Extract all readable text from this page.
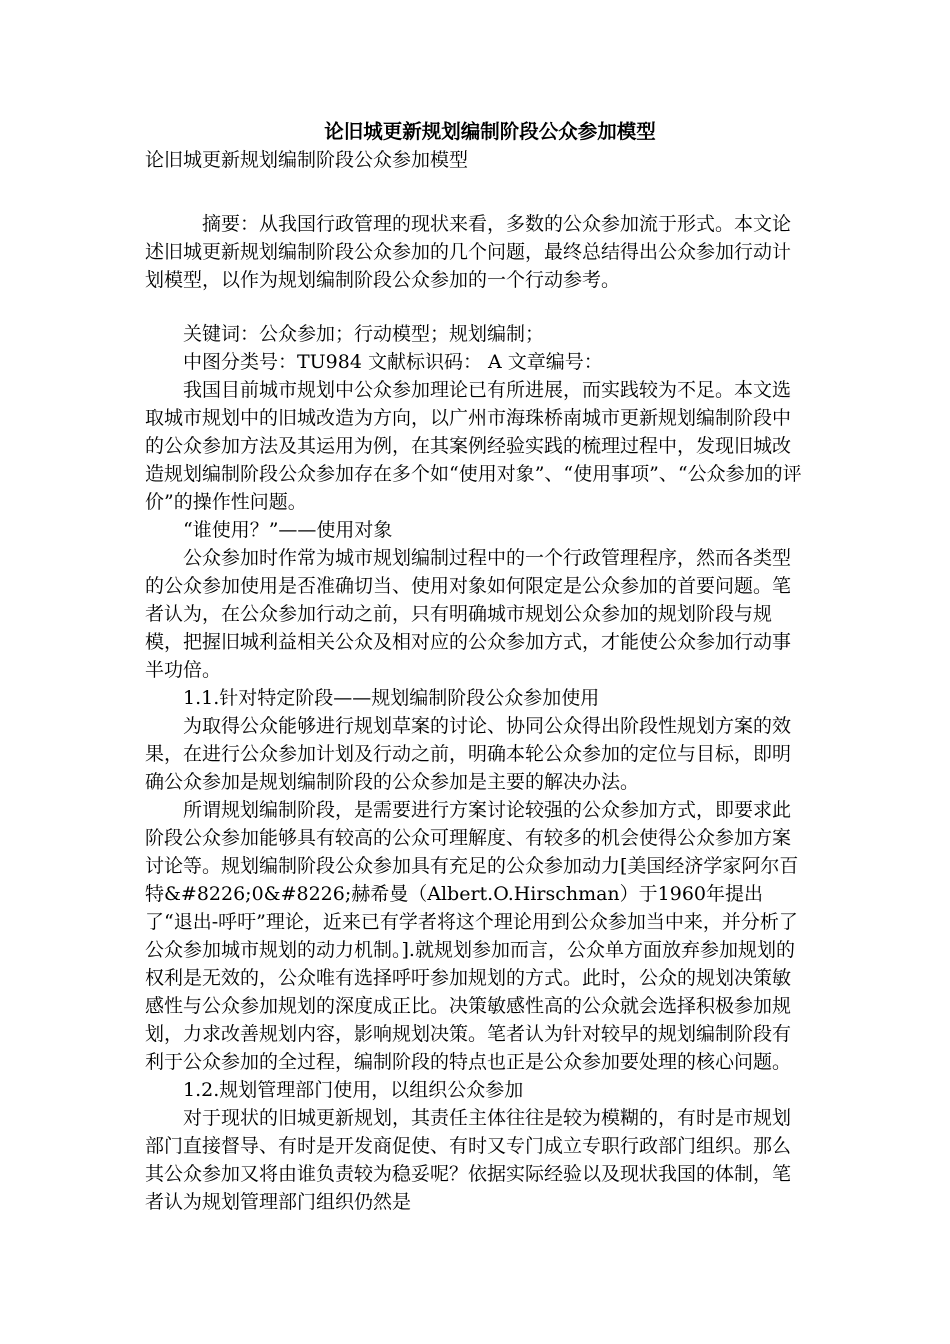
论旧城更新规划编制阶段公众参加模型

论旧城更新规划编制阶段公众参加模型

摘要：从我国行政管理的现状来看，多数的公众参加流于形式。本文论述旧城更新规划编制阶段公众参加的几个问题，最终总结得出公众参加行动计划模型，以作为规划编制阶段公众参加的一个行动参考。

关键词：公众参加；行动模型；规划编制；

中图分类号：TU984 文献标识码： A 文章编号：

我国目前城市规划中公众参加理论已有所进展，而实践较为不足。本文选取城市规划中的旧城改造为方向，以广州市海珠桥南城市更新规划编制阶段中的公众参加方法及其运用为例，在其案例经验实践的梳理过程中，发现旧城改造规划编制阶段公众参加存在多个如“使用对象”、“使用事项”、“公众参加的评价”的操作性问题。

“谁使用？”——使用对象

公众参加时作常为城市规划编制过程中的一个行政管理程序，然而各类型的公众参加使用是否准确切当、使用对象如何限定是公众参加的首要问题。笔者认为，在公众参加行动之前，只有明确城市规划公众参加的规划阶段与规模，把握旧城利益相关公众及相对应的公众参加方式，才能使公众参加行动事半功倍。

1.1.针对特定阶段——规划编制阶段公众参加使用

为取得公众能够进行规划草案的讨论、协同公众得出阶段性规划方案的效果，在进行公众参加计划及行动之前，明确本轮公众参加的定位与目标，即明确公众参加是规划编制阶段的公众参加是主要的解决办法。

所谓规划编制阶段，是需要进行方案讨论较强的公众参加方式，即要求此阶段公众参加能够具有较高的公众可理解度、有较多的机会使得公众参加方案讨论等。规划编制阶段公众参加具有充足的公众参加动力[美国经济学家阿尔百特&#8226;0&#8226;赫希曼（Albert.O.Hirschman）于1960年提出了“退出-呼吁”理论，近来已有学者将这个理论用到公众参加当中来，并分析了公众参加城市规划的动力机制。].就规划参加而言，公众单方面放弃参加规划的权利是无效的，公众唯有选择呼吁参加规划的方式。此时，公众的规划决策敏感性与公众参加规划的深度成正比。决策敏感性高的公众就会选择积极参加规划，力求改善规划内容，影响规划决策。笔者认为针对较早的规划编制阶段有利于公众参加的全过程，编制阶段的特点也正是公众参加要处理的核心问题。

1.2.规划管理部门使用，以组织公众参加

对于现状的旧城更新规划，其责任主体往往是较为模糊的，有时是市规划部门直接督导、有时是开发商促使、有时又专门成立专职行政部门组织。那么其公众参加又将由谁负责较为稳妥呢？依据实际经验以及现状我国的体制，笔者认为规划管理部门组织仍然是
